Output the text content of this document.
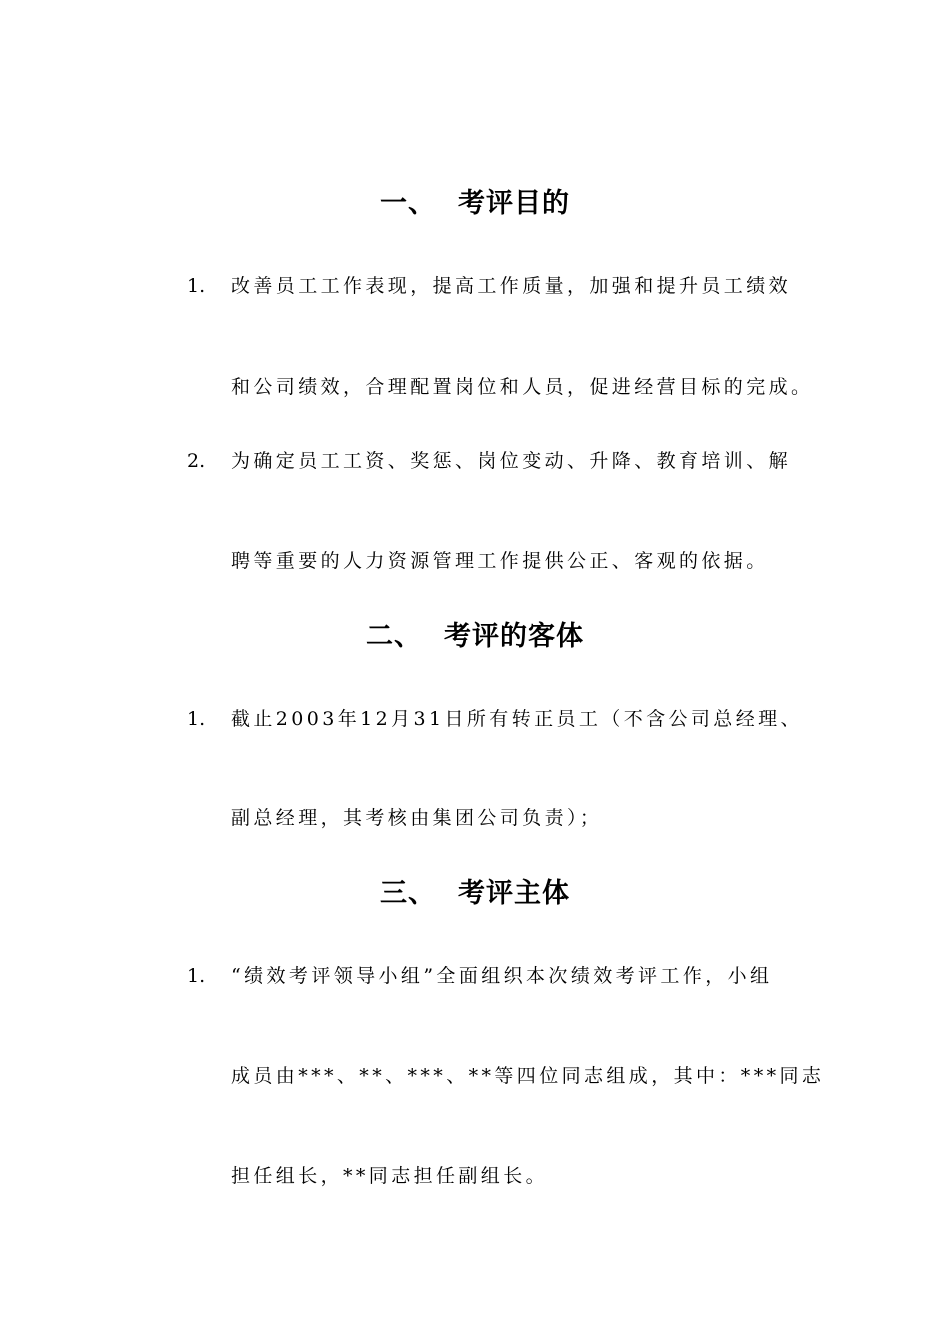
一、 考评目的
1. 改善员工工作表现，提高工作质量，加强和提升员工绩效
和公司绩效，合理配置岗位和人员，促进经营目标的完成。
2. 为确定员工工资、奖惩、岗位变动、升降、教育培训、解
聘等重要的人力资源管理工作提供公正、客观的依据。
二、 考评的客体
1. 截止2003年12月31日所有转正员工（不含公司总经理、
副总经理，其考核由集团公司负责）；
三、 考评主体
1. “绩效考评领导小组”全面组织本次绩效考评工作，小组
成员由***、**、***、**等四位同志组成，其中：***同志
担任组长，**同志担任副组长。
